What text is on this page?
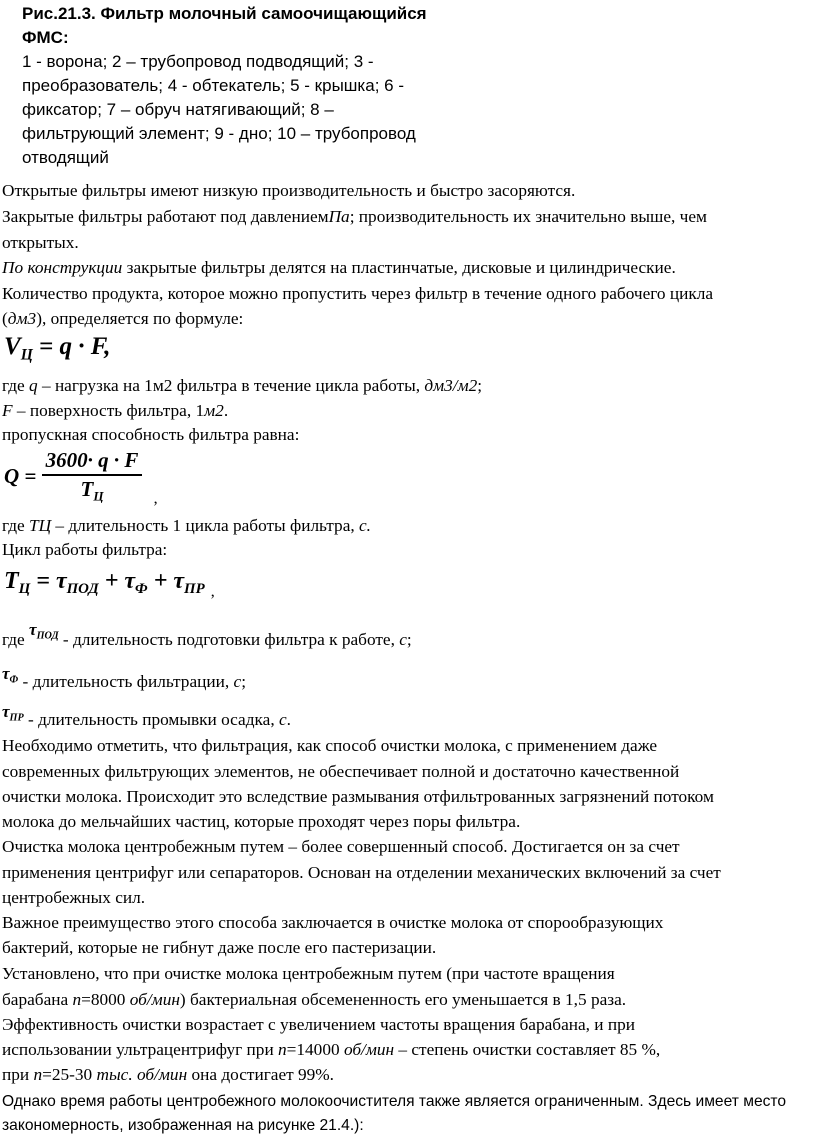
Рис.21.3. Фильтр молочный самоочищающийся

ФМС:

1 - ворона; 2 – трубопровод подводящий; 3 -

преобразователь; 4 - обтекатель; 5 - крышка; 6 -

фиксатор; 7 – обруч натягивающий; 8 –

фильтрующий элемент; 9 - дно; 10 – трубопровод

отводящий

Открытые фильтры имеют низкую производительность и быстро засоряются.

Закрытые фильтры работают под давлениемПа; производительность их значительно выше, чем

открытых.

По конструкции закрытые фильтры делятся на пластинчатые, дисковые и цилиндрические.

Количество продукта, которое можно пропустить через фильтр в течение одного рабочего цикла

(дм3), определяется по формуле:

$V_Ц = q \cdot F$,

где q – нагрузка на 1м2 фильтра в течение цикла работы, дм3/м2;

F – поверхность фильтра, 1м2.

пропускная способность фильтра равна:

$Q = \frac{3600\cdot q \cdot F}{T_Ц} _,$

где ТЦ – длительность 1 цикла работы фильтра, с.

Цикл работы фильтра:

$T_Ц = \tau_{ПОД} + \tau_Ф + \tau_{ПР}$ $_,$

где $\tau_{ПОД}$ - длительность подготовки фильтра к работе, с;

$\tau_Ф$ - длительность фильтрации, с;

$\tau_{ПР}$ - длительность промывки осадка, с.

Необходимо отметить, что фильтрация, как способ очистки молока, с применением даже

современных фильтрующих элементов, не обеспечивает полной и достаточно качественной

очистки молока. Происходит это вследствие размывания отфильтрованных загрязнений потоком

молока до мельчайших частиц, которые проходят через поры фильтра.

Очистка молока центробежным путем – более совершенный способ. Достигается он за счет

применения центрифуг или сепараторов. Основан на отделении механических включений за счет

центробежных сил.

Важное преимущество этого способа заключается в очистке молока от спорообразующих

бактерий, которые не гибнут даже после его пастеризации.

Установлено, что при очистке молока центробежным путем (при частоте вращения

барабана n=8000 об/мин) бактериальная обсемененность его уменьшается в 1,5 раза.

Эффективность очистки возрастает с увеличением частоты вращения барабана, и при

использовании ультрацентрифуг при n=14000 об/мин – степень очистки составляет 85 %,

при n=25-30 тыс. об/мин она достигает 99%.

Однако время работы центробежного молокоочистителя также является ограниченным. Здесь имеет место

закономерность, изображенная на рисунке 21.4.):
